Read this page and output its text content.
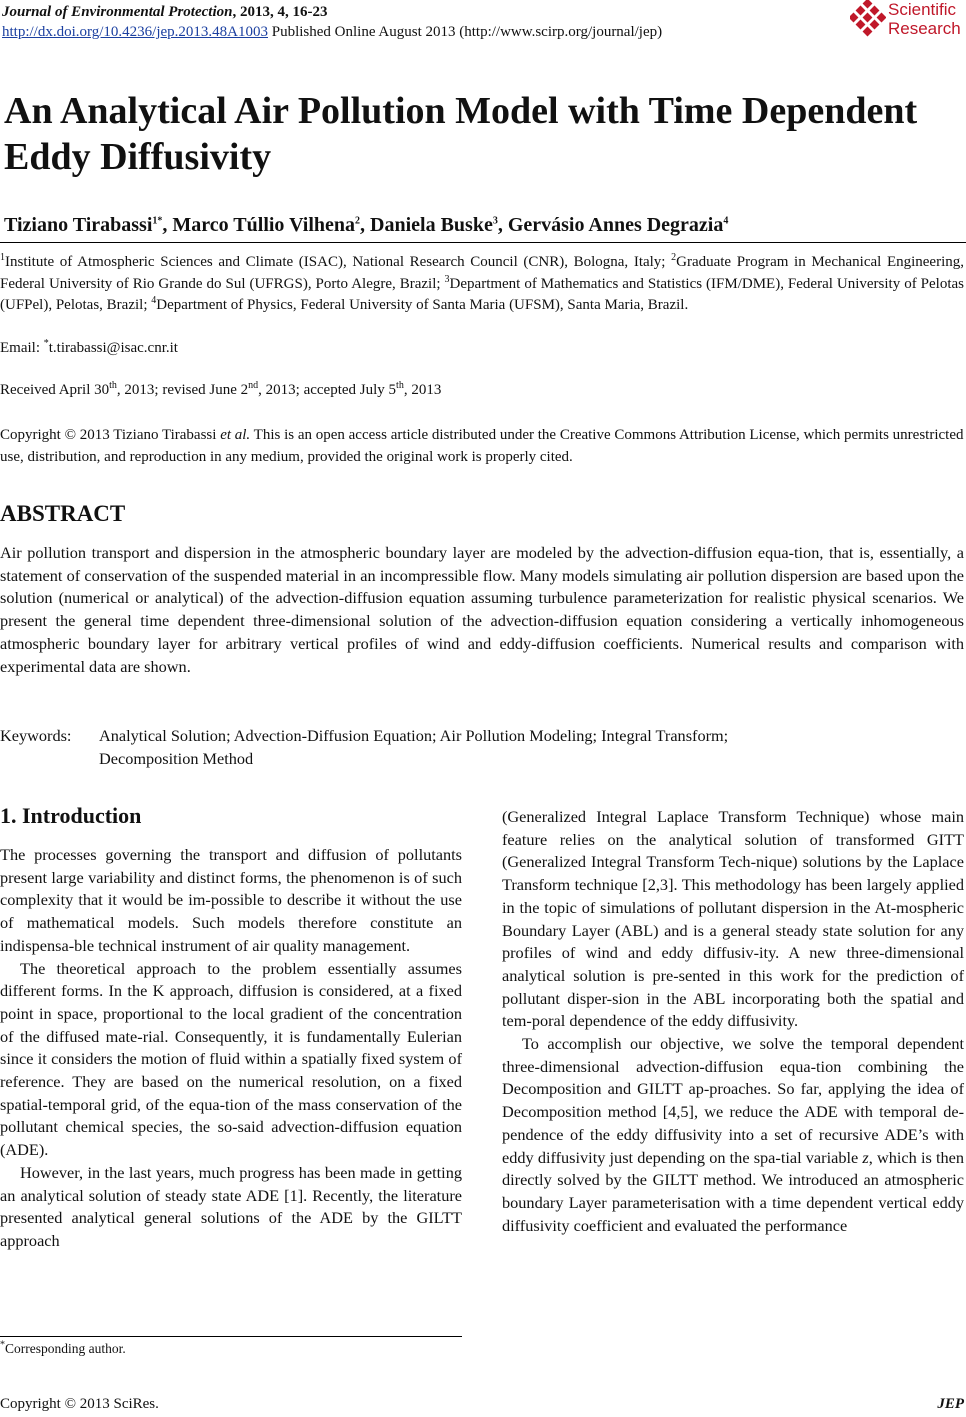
Journal of Environmental Protection, 2013, 4, 16-23
http://dx.doi.org/10.4236/jep.2013.48A1003 Published Online August 2013 (http://www.scirp.org/journal/jep)
Scientific
Research
An Analytical Air Pollution Model with Time Dependent Eddy Diffusivity
Tiziano Tirabassi$^{1*}$, Marco Túllio Vilhena$^2$, Daniela Buske$^3$, Gervásio Annes Degrazia$^4$
$^1$Institute of Atmospheric Sciences and Climate (ISAC), National Research Council (CNR), Bologna, Italy; $^2$Graduate Program in Mechanical Engineering, Federal University of Rio Grande do Sul (UFRGS), Porto Alegre, Brazil; $^3$Department of Mathematics and Statistics (IFM/DME), Federal University of Pelotas (UFPel), Pelotas, Brazil; $^4$Department of Physics, Federal University of Santa Maria (UFSM), Santa Maria, Brazil.
Email: *t.tirabassi@isac.cnr.it
Received April 30th, 2013; revised June 2nd, 2013; accepted July 5th, 2013
Copyright © 2013 Tiziano Tirabassi et al. This is an open access article distributed under the Creative Commons Attribution License, which permits unrestricted use, distribution, and reproduction in any medium, provided the original work is properly cited.
ABSTRACT
Air pollution transport and dispersion in the atmospheric boundary layer are modeled by the advection-diffusion equa-tion, that is, essentially, a statement of conservation of the suspended material in an incompressible flow. Many models simulating air pollution dispersion are based upon the solution (numerical or analytical) of the advection-diffusion equation assuming turbulence parameterization for realistic physical scenarios. We present the general time dependent three-dimensional solution of the advection-diffusion equation considering a vertically inhomogeneous atmospheric boundary layer for arbitrary vertical profiles of wind and eddy-diffusion coefficients. Numerical results and comparison with experimental data are shown.
Keywords: Analytical Solution; Advection-Diffusion Equation; Air Pollution Modeling; Integral Transform;
Decomposition Method
1. Introduction

The processes governing the transport and diffusion of pollutants present large variability and distinct forms, the phenomenon is of such complexity that it would be im-possible to describe it without the use of mathematical models. Such models therefore constitute an indispensa-ble technical instrument of air quality management.

The theoretical approach to the problem essentially assumes different forms. In the K approach, diffusion is considered, at a fixed point in space, proportional to the local gradient of the concentration of the diffused mate-rial. Consequently, it is fundamentally Eulerian since it considers the motion of fluid within a spatially fixed system of reference. They are based on the numerical resolution, on a fixed spatial-temporal grid, of the equa-tion of the mass conservation of the pollutant chemical species, the so-said advection-diffusion equation (ADE).

However, in the last years, much progress has been made in getting an analytical solution of steady state ADE [1]. Recently, the literature presented analytical general solutions of the ADE by the GILTT approach

*Corresponding author.

(Generalized Integral Laplace Transform Technique) whose main feature relies on the analytical solution of transformed GITT (Generalized Integral Transform Tech-nique) solutions by the Laplace Transform technique [2,3]. This methodology has been largely applied in the topic of simulations of pollutant dispersion in the At-mospheric Boundary Layer (ABL) and is a general steady state solution for any profiles of wind and eddy diffusiv-ity. A new three-dimensional analytical solution is pre-sented in this work for the prediction of pollutant disper-sion in the ABL incorporating both the spatial and tem-poral dependence of the eddy diffusivity.

To accomplish our objective, we solve the temporal dependent three-dimensional advection-diffusion equa-tion combining the Decomposition and GILTT ap-proaches. So far, applying the idea of Decomposition method [4,5], we reduce the ADE with temporal de-pendence of the eddy diffusivity into a set of recursive ADE’s with eddy diffusivity just depending on the spa-tial variable z, which is then directly solved by the GILTT method. We introduced an atmospheric boundary Layer parameterisation with a time dependent vertical eddy diffusivity coefficient and evaluated the performance

Copyright © 2013 SciRes.	JEP
